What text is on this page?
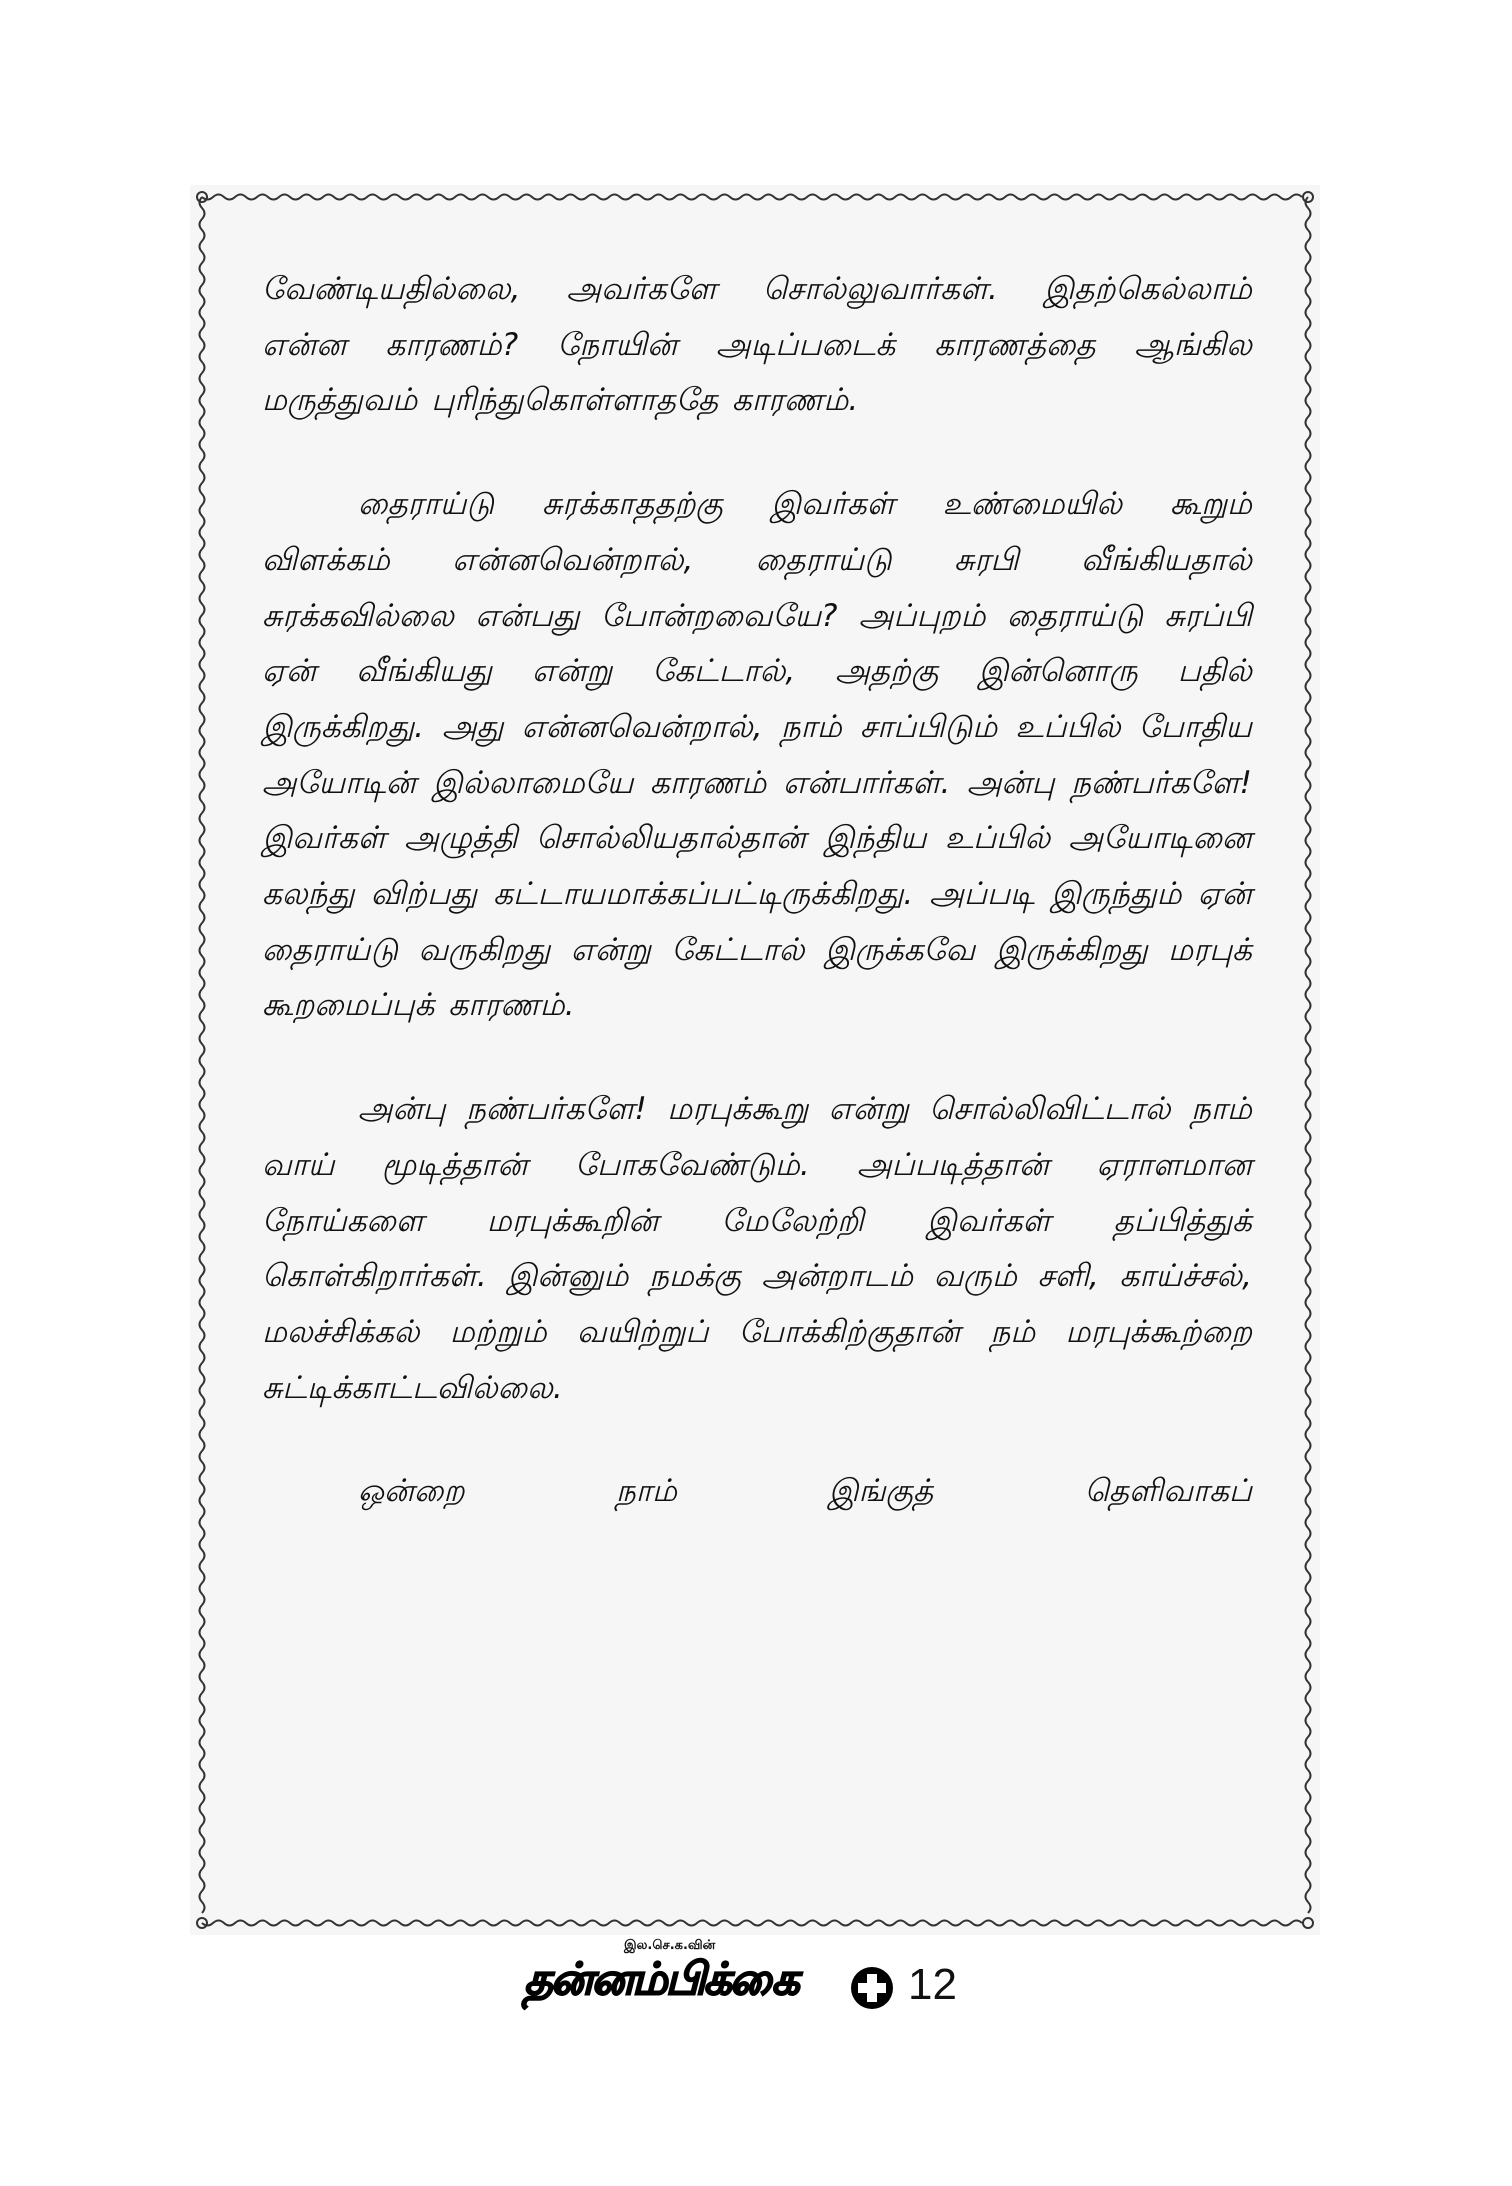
வேண்டியதில்லை, அவர்களே சொல்லுவார்கள். இதற்கெல்லாம் என்ன காரணம்? நோயின் அடிப்படைக் காரணத்தை ஆங்கில மருத்துவம் புரிந்துகொள்ளாததே காரணம்.

தைராய்டு சுரக்காததற்கு இவர்கள் உண்மையில் கூறும் விளக்கம் என்னவென்றால், தைராய்டு சுரபி வீங்கியதால் சுரக்கவில்லை என்பது போன்றவையே? அப்புறம் தைராய்டு சுரப்பி ஏன் வீங்கியது என்று கேட்டால், அதற்கு இன்னொரு பதில் இருக்கிறது. அது என்னவென்றால், நாம் சாப்பிடும் உப்பில் போதிய அயோடின் இல்லாமையே காரணம் என்பார்கள். அன்பு நண்பர்களே! இவர்கள் அழுத்தி சொல்லியதால்தான் இந்திய உப்பில் அயோடினை கலந்து விற்பது கட்டாயமாக்கப்பட்டிருக்கிறது. அப்படி இருந்தும் ஏன் தைராய்டு வருகிறது என்று கேட்டால் இருக்கவே இருக்கிறது மரபுக் கூறமைப்புக் காரணம்.

அன்பு நண்பர்களே! மரபுக்கூறு என்று சொல்லிவிட்டால் நாம் வாய் மூடித்தான் போகவேண்டும். அப்படித்தான் ஏராளமான நோய்களை மரபுக்கூறின் மேலேற்றி இவர்கள் தப்பித்துக் கொள்கிறார்கள். இன்னும் நமக்கு அன்றாடம் வரும் சளி, காய்ச்சல், மலச்சிக்கல் மற்றும் வயிற்றுப் போக்கிற்குதான் நம் மரபுக்கூற்றை சுட்டிக்காட்டவில்லை.

ஒன்றை நாம் இங்குத் தெளிவாகப்

இல.செ.க.வின்
தன்னம்பிக்கை	12
